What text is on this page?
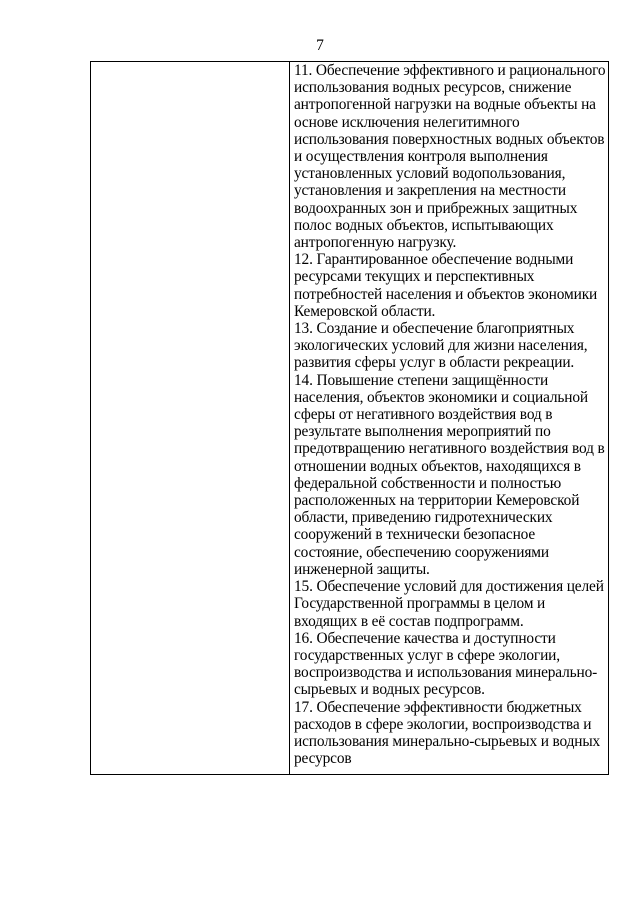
7

11. Обеспечение эффективного и рационального использования водных ресурсов, снижение антропогенной нагрузки на водные объекты на основе исключения нелегитимного использования поверхностных водных объектов и осуществления контроля выполнения установленных условий водопользования, установления и закрепления на местности водоохранных зон и прибрежных защитных полос водных объектов, испытывающих антропогенную нагрузку.

12. Гарантированное обеспечение водными ресурсами текущих и перспективных потребностей населения и объектов экономики Кемеровской области.

13. Создание и обеспечение благоприятных экологических условий для жизни населения, развития сферы услуг в области рекреации.

14. Повышение степени защищённости населения, объектов экономики и социальной сферы от негативного воздействия вод в результате выполнения мероприятий по предотвращению негативного воздействия вод в отношении водных объектов, находящихся в федеральной собственности и полностью расположенных на территории Кемеровской области, приведению гидротехнических сооружений в технически безопасное состояние, обеспечению сооружениями инженерной защиты.

15. Обеспечение условий для достижения целей Государственной программы в целом и входящих в её состав подпрограмм.

16. Обеспечение качества и доступности государственных услуг в сфере экологии, воспроизводства и использования минерально-сырьевых и водных ресурсов.

17. Обеспечение эффективности бюджетных расходов в сфере экологии, воспроизводства и использования минерально-сырьевых и водных ресурсов
